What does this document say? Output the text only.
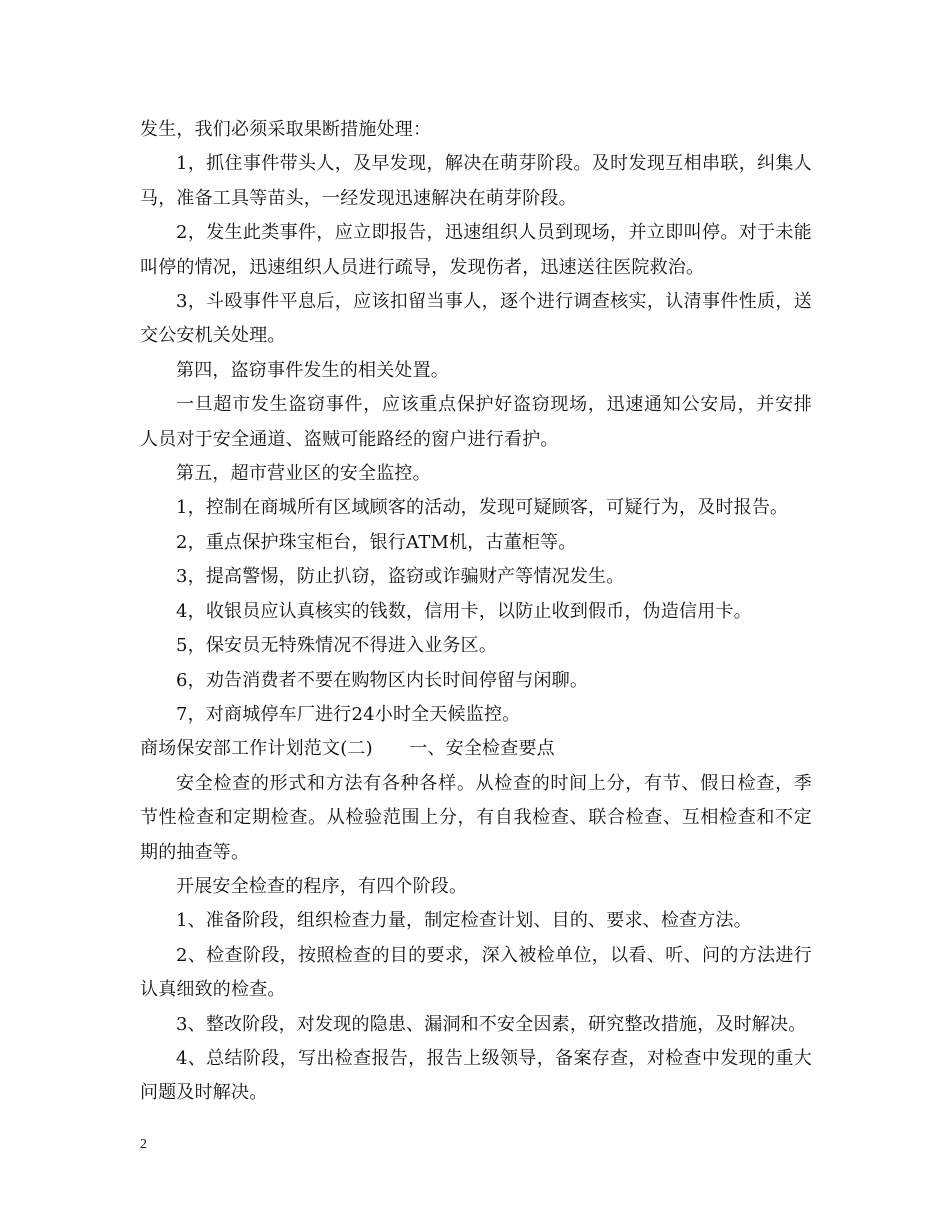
发生，我们必须采取果断措施处理：

1，抓住事件带头人，及早发现，解决在萌芽阶段。及时发现互相串联，纠集人马，准备工具等苗头，一经发现迅速解决在萌芽阶段。

2，发生此类事件，应立即报告，迅速组织人员到现场，并立即叫停。对于未能叫停的情况，迅速组织人员进行疏导，发现伤者，迅速送往医院救治。

3，斗殴事件平息后，应该扣留当事人，逐个进行调查核实，认清事件性质，送交公安机关处理。

第四，盗窃事件发生的相关处置。

一旦超市发生盗窃事件，应该重点保护好盗窃现场，迅速通知公安局，并安排人员对于安全通道、盗贼可能路经的窗户进行看护。

第五，超市营业区的安全监控。

1，控制在商城所有区域顾客的活动，发现可疑顾客，可疑行为，及时报告。

2，重点保护珠宝柜台，银行ATM机，古董柜等。

3，提高警惕，防止扒窃，盗窃或诈骗财产等情况发生。

4，收银员应认真核实的钱数，信用卡，以防止收到假币，伪造信用卡。

5，保安员无特殊情况不得进入业务区。

6，劝告消费者不要在购物区内长时间停留与闲聊。

7，对商城停车厂进行24小时全天候监控。

商场保安部工作计划范文(二)　　一、安全检查要点

安全检查的形式和方法有各种各样。从检查的时间上分，有节、假日检查，季节性检查和定期检查。从检验范围上分，有自我检查、联合检查、互相检查和不定期的抽查等。

开展安全检查的程序，有四个阶段。

1、准备阶段，组织检查力量，制定检查计划、目的、要求、检查方法。

2、检查阶段，按照检查的目的要求，深入被检单位，以看、听、问的方法进行认真细致的检查。

3、整改阶段，对发现的隐患、漏洞和不安全因素，研究整改措施，及时解决。

4、总结阶段，写出检查报告，报告上级领导，备案存查，对检查中发现的重大问题及时解决。

2
